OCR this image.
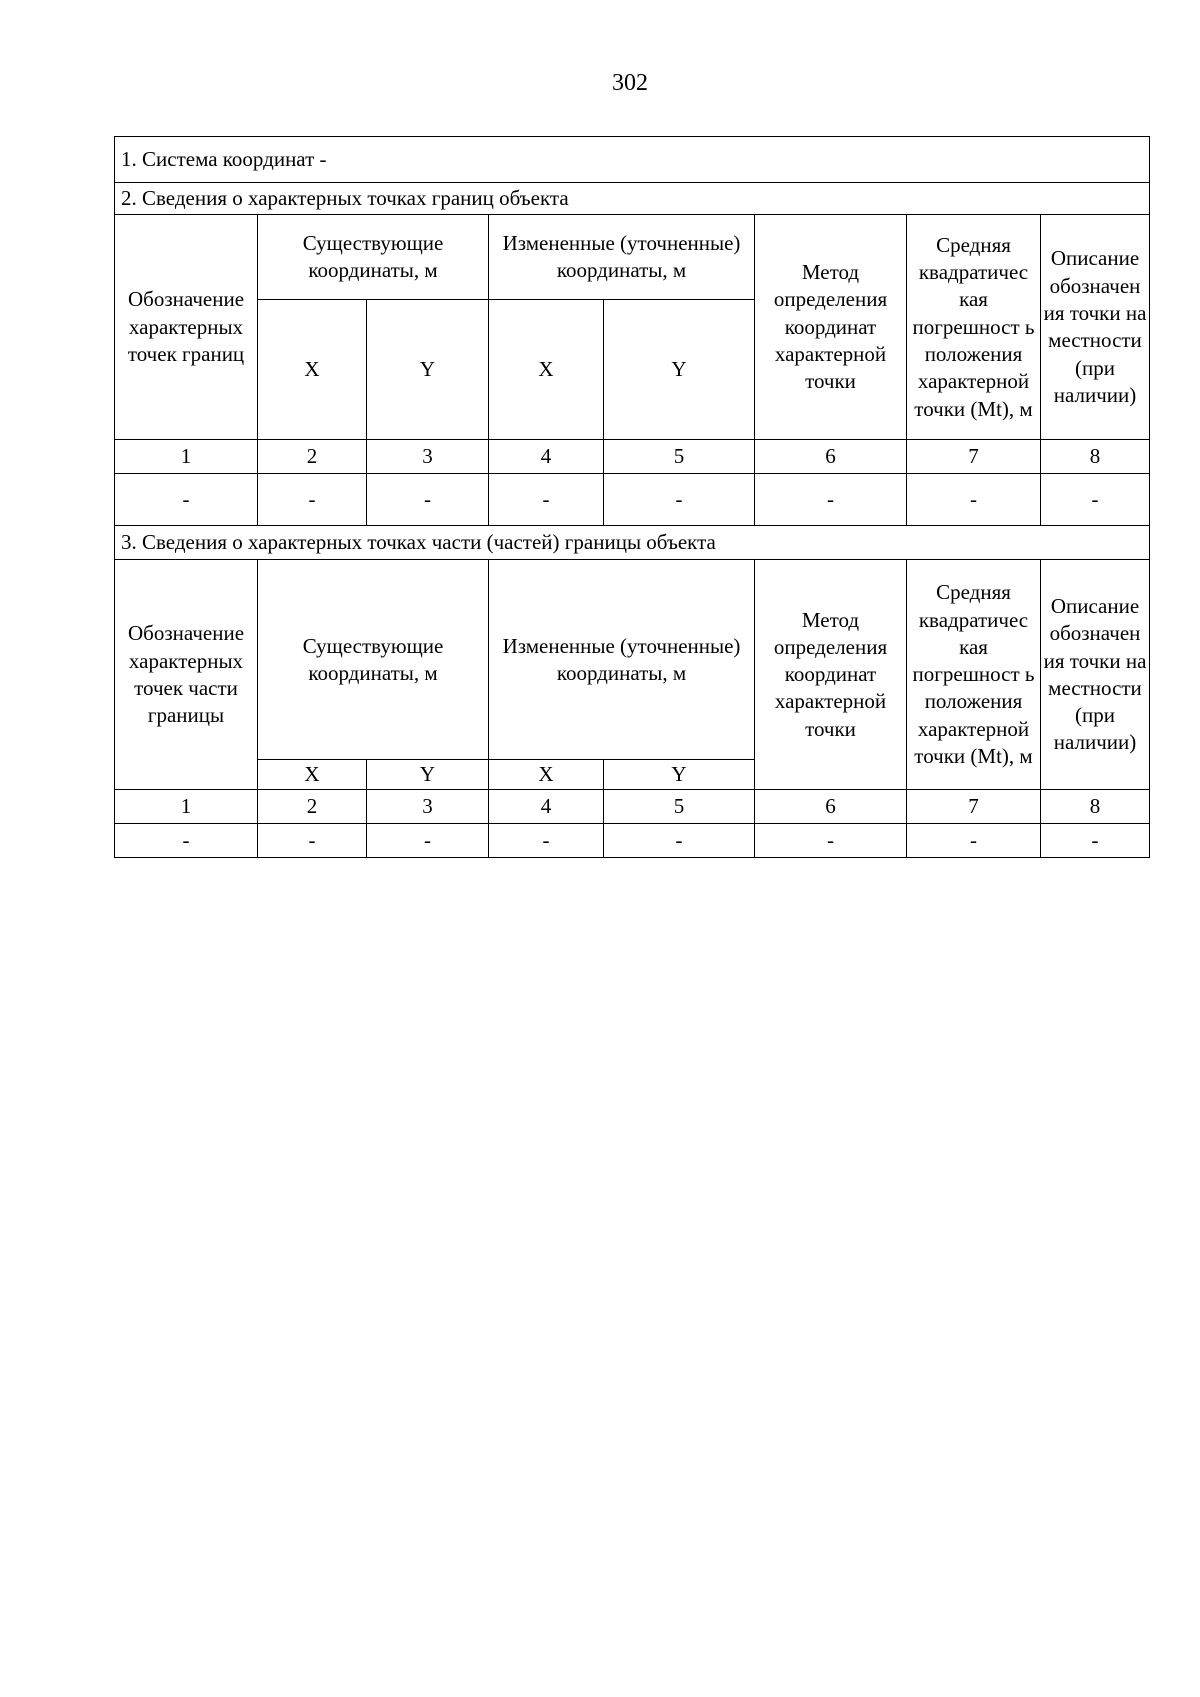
302
1. Система координат -							
2. Сведения о характерных точках границ объекта							
Обозначение характерных точек границ	Существующие координаты, м		Измененные (уточненные) координаты, м		Метод определения координат характерной точки	Средняя квадратичес кая погрешност ь положения характерной точки (Mt), м	Описание обозначен ия точки на местности (при наличии)
	X	Y	X	Y			
1	2	3	4	5	6	7	8
-	-	-	-	-	-	-	-
3. Сведения о характерных точках части (частей) границы объекта							
Обозначение характерных точек части границы	Существующие координаты, м		Измененные (уточненные) координаты, м		Метод определения координат характерной точки	Средняя квадратичес кая погрешност ь положения характерной точки (Mt), м	Описание обозначен ия точки на местности (при наличии)
	X	Y	X	Y			
1	2	3	4	5	6	7	8
-	-	-	-	-	-	-	-
